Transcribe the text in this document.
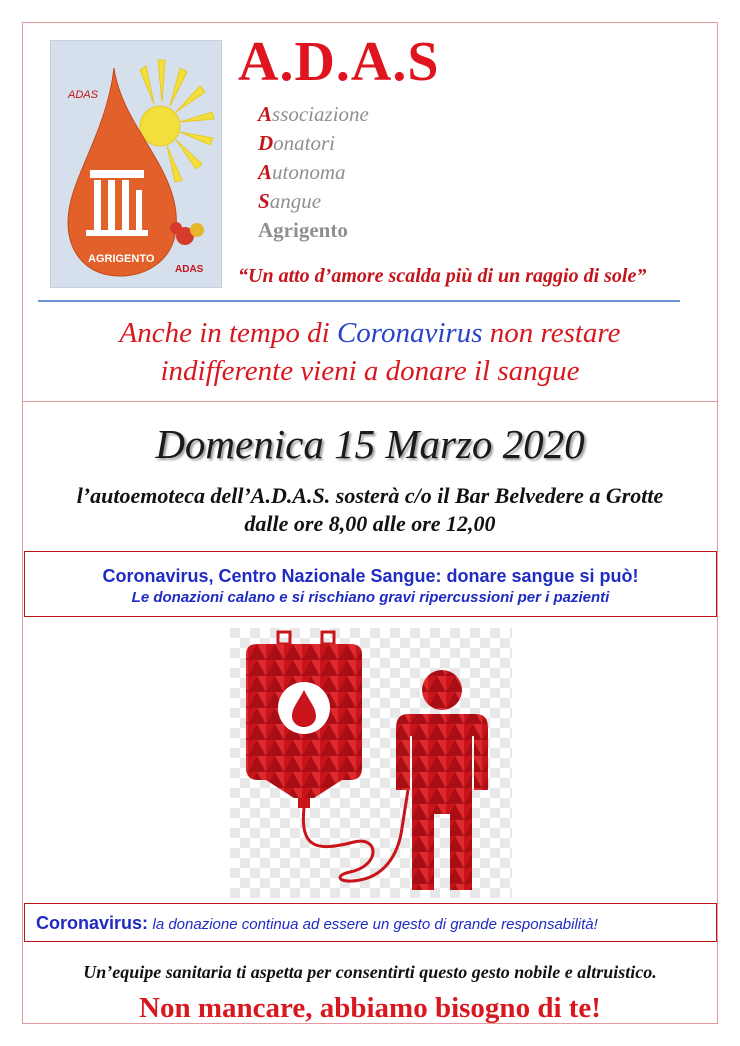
ADAS
AGRIGENTO
ADAS
A.D.A.S
Associazione
Donatori
Autonoma
Sangue
Agrigento
“Un atto d’amore scalda più di un raggio di sole”
Anche in tempo di Coronavirus non restare
indifferente vieni a donare il sangue
Domenica 15 Marzo 2020
l’autoemoteca dell’A.D.A.S. sosterà c/o il Bar Belvedere a Grotte
dalle ore 8,00 alle ore 12,00
Coronavirus, Centro Nazionale Sangue: donare sangue si può!
Le donazioni calano e si rischiano gravi ripercussioni per i pazienti
Coronavirus: la donazione continua ad essere un gesto di grande responsabilità!
Un’equipe sanitaria ti aspetta per consentirti questo gesto nobile e altruistico.
Non mancare, abbiamo bisogno di te!
